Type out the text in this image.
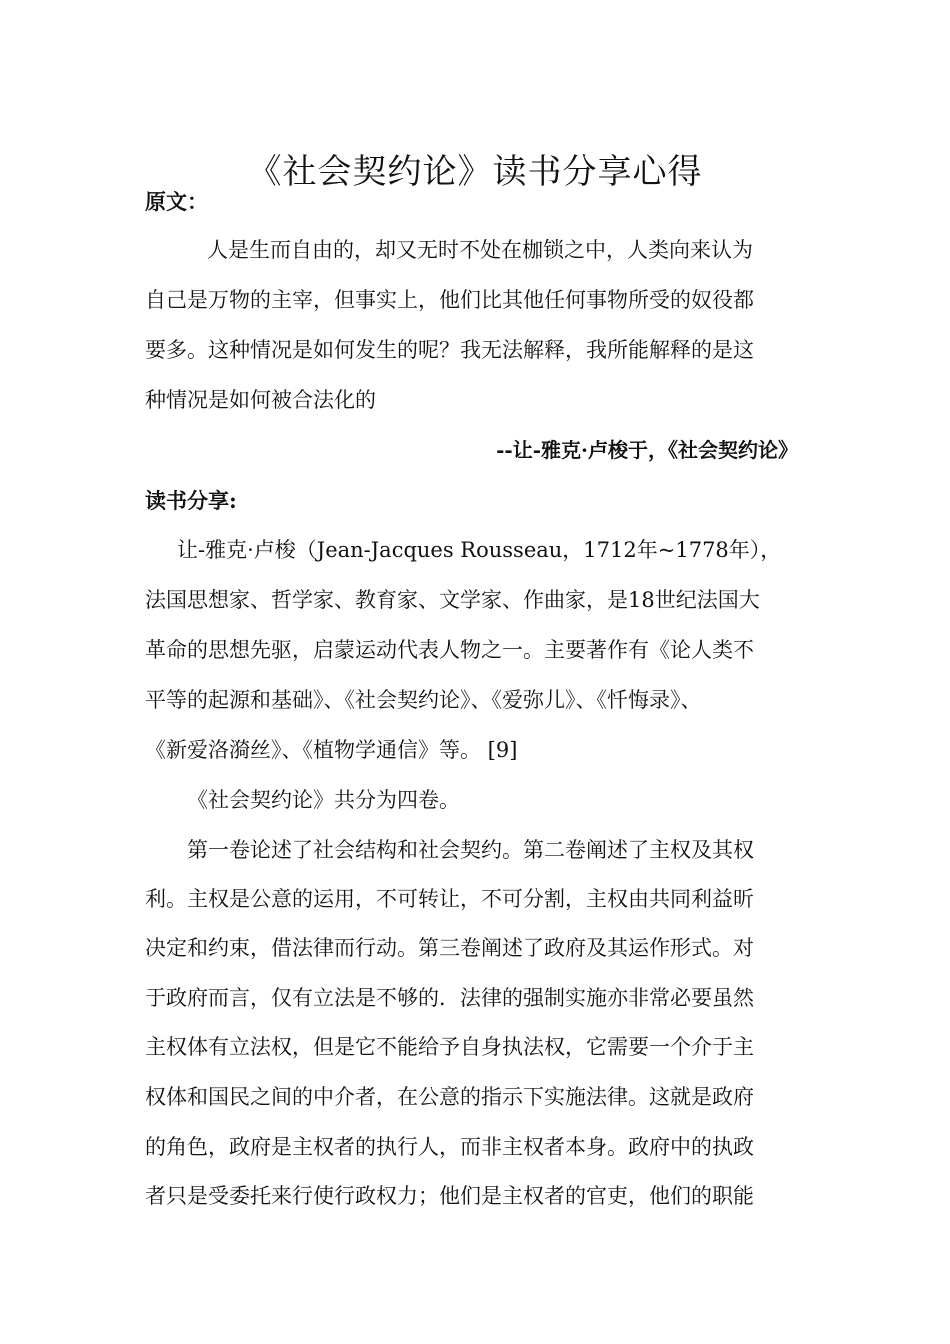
《社会契约论》读书分享心得
原文：
人是生而自由的，却又无时不处在枷锁之中，人类向来认为
自己是万物的主宰，但事实上，他们比其他任何事物所受的奴役都
要多。这种情况是如何发生的呢？我无法解释，我所能解释的是这
种情况是如何被合法化的
--让-雅克·卢梭于，《社会契约论》
读书分享:
让-雅克·卢梭（Jean-Jacques Rousseau，1712年~1778年），
法国思想家、哲学家、教育家、文学家、作曲家，是18世纪法国大
革命的思想先驱，启蒙运动代表人物之一。主要著作有《论人类不
平等的起源和基础》、《社会契约论》、《爱弥儿》、《忏悔录》、
《新爱洛漪丝》、《植物学通信》等。 [9]
《社会契约论》共分为四卷。
第一卷论述了社会结构和社会契约。第二卷阐述了主权及其权
利。主权是公意的运用，不可转让，不可分割，主权由共同利益昕
决定和约束，借法律而行动。第三卷阐述了政府及其运作形式。对
于政府而言，仅有立法是不够的．法律的强制实施亦非常必要虽然
主权体有立法权，但是它不能给予自身执法权，它需要一个介于主
权体和国民之间的中介者，在公意的指示下实施法律。这就是政府
的角色，政府是主权者的执行人，而非主权者本身。政府中的执政
者只是受委托来行使行政权力；他们是主权者的官吏，他们的职能
